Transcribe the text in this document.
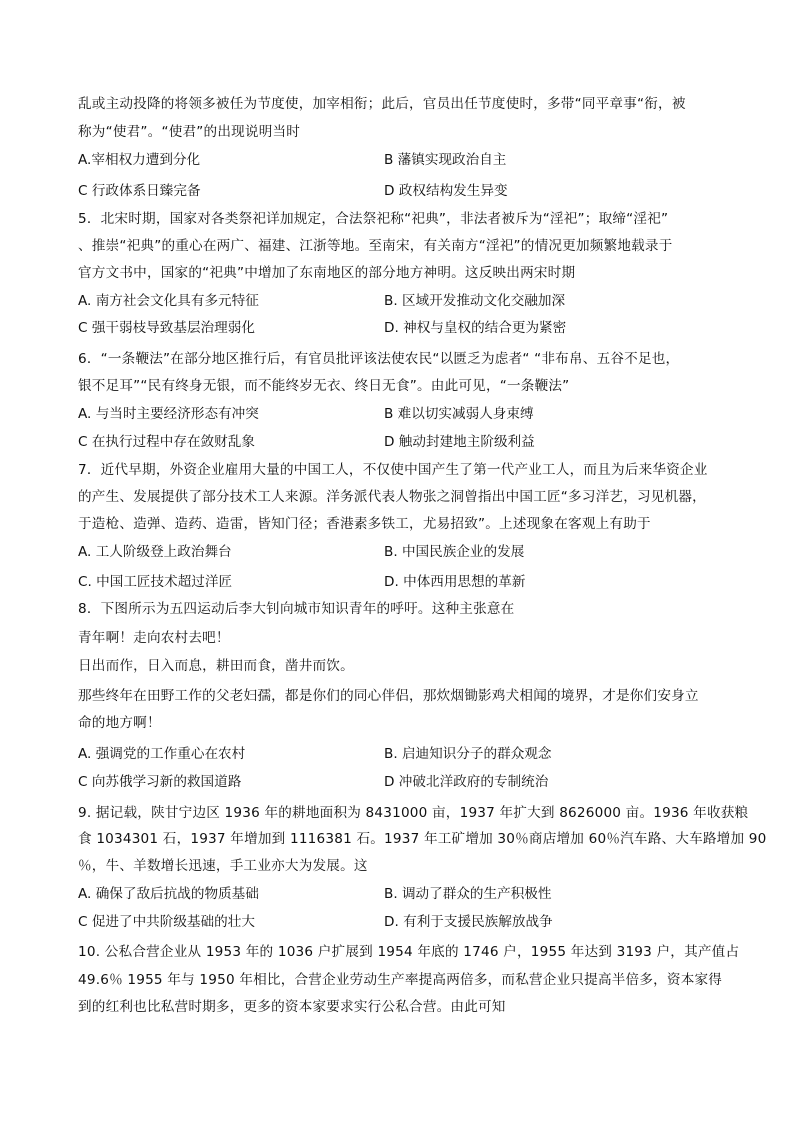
乱或主动投降的将领多被任为节度使，加宰相衔；此后，官员出任节度使时，多带“同平章事“衔，被
称为“使君”。“使君”的出现说明当时
A.宰相权力遭到分化	B 藩镇实现政治自主
C 行政体系日臻完备	D 政权结构发生异变
5．北宋时期，国家对各类祭祀详加规定，合法祭祀称“祀典”，非法者被斥为“淫祀”；取缔“淫祀”
、推崇“祀典”的重心在两广、福建、江浙等地。至南宋，有关南方“淫祀”的情况更加频繁地载录于
官方文书中，国家的“祀典”中增加了东南地区的部分地方神明。这反映出两宋时期
A. 南方社会文化具有多元特征	B. 区域开发推动文化交融加深
C 强干弱枝导致基层治理弱化	D. 神权与皇权的结合更为紧密
6．“一条鞭法”在部分地区推行后，有官员批评该法使农民“以匮乏为虑者“ “非布帛、五谷不足也，
银不足耳”“民有终身无银，而不能终岁无衣、终日无食”。由此可见，“一条鞭法”
A. 与当时主要经济形态有冲突	B 难以切实减弱人身束缚
C 在执行过程中存在敛财乱象	D 触动封建地主阶级利益
7．近代早期，外资企业雇用大量的中国工人，不仅使中国产生了第一代产业工人，而且为后来华资企业
的产生、发展提供了部分技术工人来源。洋务派代表人物张之洞曾指出中国工匠“多习洋艺，习见机器，
于造枪、造弹、造药、造雷，皆知门径；香港素多铁工，尤易招致”。上述现象在客观上有助于
A. 工人阶级登上政治舞台	B. 中国民族企业的发展
C. 中国工匠技术超过洋匠	D. 中体西用思想的革新
8．下图所示为五四运动后李大钊向城市知识青年的呼吁。这种主张意在
青年啊！走向农村去吧！
日出而作，日入而息，耕田而食，凿井而饮。
那些终年在田野工作的父老妇孺，都是你们的同心伴侣，那炊烟锄影鸡犬相闻的境界，才是你们安身立
命的地方啊！
A. 强调党的工作重心在农村	B. 启迪知识分子的群众观念
C 向苏俄学习新的救国道路	D 冲破北洋政府的专制统治
9. 据记载，陕甘宁边区 1936 年的耕地面积为 8431000 亩，1937 年扩大到 8626000 亩。1936 年收获粮
食 1034301 石，1937 年增加到 1116381 石。1937 年工矿增加 30％商店增加 60％汽车路、大车路增加 90
％，牛、羊数增长迅速，手工业亦大为发展。这
A. 确保了敌后抗战的物质基础	B. 调动了群众的生产积极性
C 促进了中共阶级基础的壮大	D. 有利于支援民族解放战争
10. 公私合营企业从 1953 年的 1036 户扩展到 1954 年底的 1746 户，1955 年达到 3193 户，其产值占
49.6％ 1955 年与 1950 年相比，合营企业劳动生产率提高两倍多，而私营企业只提高半倍多，资本家得
到的红利也比私营时期多，更多的资本家要求实行公私合营。由此可知
